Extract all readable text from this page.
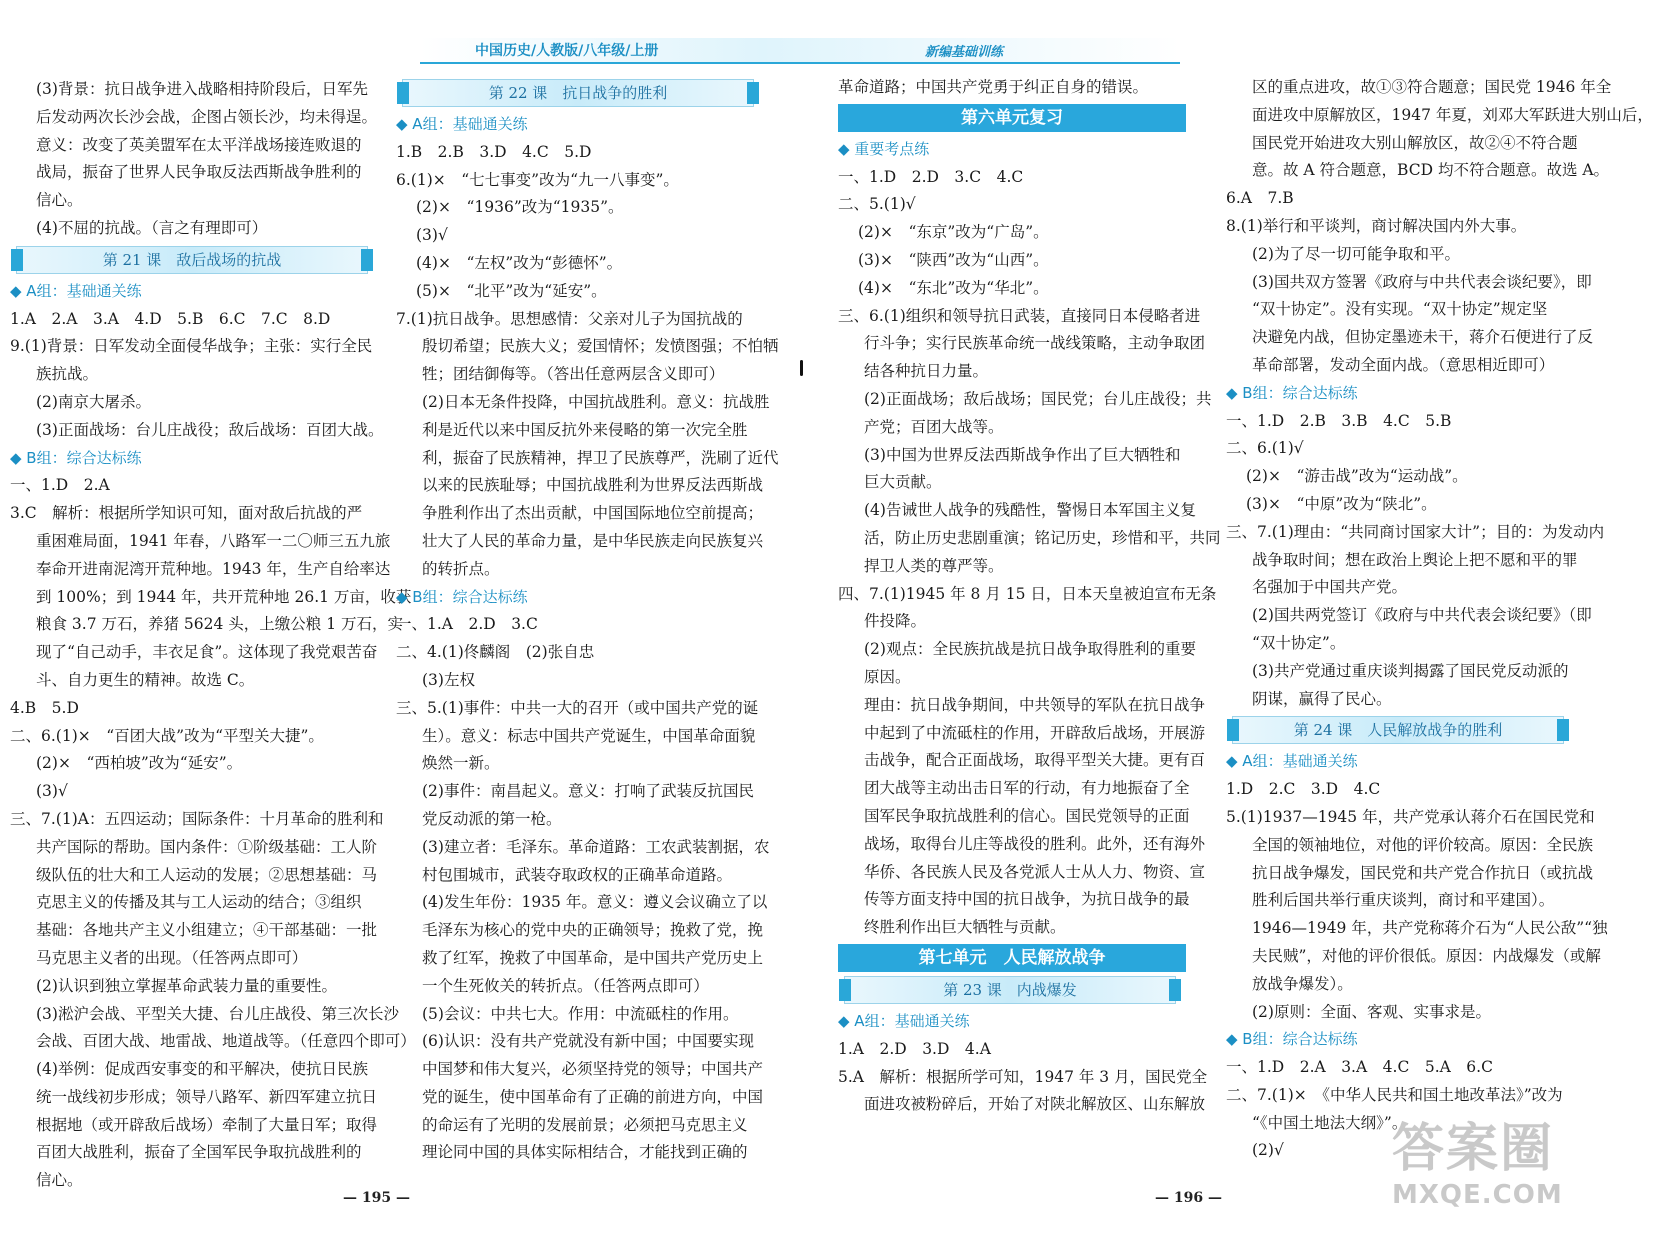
中国历史/人教版/八年级/上册	新编基础训练
(3)背景：抗日战争进入战略相持阶段后，日军先
后发动两次长沙会战，企图占领长沙，均未得逞。
意义：改变了英美盟军在太平洋战场接连败退的
战局，振奋了世界人民争取反法西斯战争胜利的
信心。
(4)不屈的抗战。（言之有理即可）
第 21 课　敌后战场的抗战
◆ A组：基础通关练
1.A　2.A　3.A　4.D　5.B　6.C　7.C　8.D
9.(1)背景：日军发动全面侵华战争；主张：实行全民
族抗战。
(2)南京大屠杀。
(3)正面战场：台儿庄战役；敌后战场：百团大战。
◆ B组：综合达标练
一、1.D　2.A
3.C　解析：根据所学知识可知，面对敌后抗战的严
重困难局面，1941 年春，八路军一二〇师三五九旅
奉命开进南泥湾开荒种地。1943 年，生产自给率达
到 100%；到 1944 年，共开荒种地 26.1 万亩，收获
粮食 3.7 万石，养猪 5624 头，上缴公粮 1 万石，实
现了“自己动手，丰衣足食”。这体现了我党艰苦奋
斗、自力更生的精神。故选 C。
4.B　5.D
二、6.(1)×　“百团大战”改为“平型关大捷”。
(2)×　“西柏坡”改为“延安”。
(3)√
三、7.(1)A：五四运动；国际条件：十月革命的胜利和
共产国际的帮助。国内条件：①阶级基础：工人阶
级队伍的壮大和工人运动的发展；②思想基础：马
克思主义的传播及其与工人运动的结合；③组织
基础：各地共产主义小组建立；④干部基础：一批
马克思主义者的出现。（任答两点即可）
(2)认识到独立掌握革命武装力量的重要性。
(3)淞沪会战、平型关大捷、台儿庄战役、第三次长沙
会战、百团大战、地雷战、地道战等。（任意四个即可）
(4)举例：促成西安事变的和平解决，使抗日民族
统一战线初步形成；领导八路军、新四军建立抗日
根据地（或开辟敌后战场）牵制了大量日军；取得
百团大战胜利，振奋了全国军民争取抗战胜利的
信心。
第 22 课　抗日战争的胜利
◆ A组：基础通关练
1.B　2.B　3.D　4.C　5.D
6.(1)×　“七七事变”改为“九一八事变”。
(2)×　“1936”改为“1935”。
(3)√
(4)×　“左权”改为“彭德怀”。
(5)×　“北平”改为“延安”。
7.(1)抗日战争。思想感情：父亲对儿子为国抗战的
殷切希望；民族大义；爱国情怀；发愤图强；不怕牺
牲；团结御侮等。（答出任意两层含义即可）
(2)日本无条件投降，中国抗战胜利。意义：抗战胜
利是近代以来中国反抗外来侵略的第一次完全胜
利，振奋了民族精神，捍卫了民族尊严，洗刷了近代
以来的民族耻辱；中国抗战胜利为世界反法西斯战
争胜利作出了杰出贡献，中国国际地位空前提高；
壮大了人民的革命力量，是中华民族走向民族复兴
的转折点。
◆ B组：综合达标练
一、1.A　2.D　3.C
二、4.(1)佟麟阁　(2)张自忠
(3)左权
三、5.(1)事件：中共一大的召开（或中国共产党的诞
生）。意义：标志中国共产党诞生，中国革命面貌
焕然一新。
(2)事件：南昌起义。意义：打响了武装反抗国民
党反动派的第一枪。
(3)建立者：毛泽东。革命道路：工农武装割据，农
村包围城市，武装夺取政权的正确革命道路。
(4)发生年份：1935 年。意义：遵义会议确立了以
毛泽东为核心的党中央的正确领导；挽救了党，挽
救了红军，挽救了中国革命，是中国共产党历史上
一个生死攸关的转折点。（任答两点即可）
(5)会议：中共七大。作用：中流砥柱的作用。
(6)认识：没有共产党就没有新中国；中国要实现
中国梦和伟大复兴，必须坚持党的领导；中国共产
党的诞生，使中国革命有了正确的前进方向，中国
的命运有了光明的发展前景；必须把马克思主义
理论同中国的具体实际相结合，才能找到正确的
革命道路；中国共产党勇于纠正自身的错误。
第六单元复习
◆ 重要考点练
一、1.D　2.D　3.C　4.C
二、5.(1)√
(2)×　“东京”改为“广岛”。
(3)×　“陕西”改为“山西”。
(4)×　“东北”改为“华北”。
三、6.(1)组织和领导抗日武装，直接同日本侵略者进
行斗争；实行民族革命统一战线策略，主动争取团
结各种抗日力量。
(2)正面战场；敌后战场；国民党；台儿庄战役；共
产党；百团大战等。
(3)中国为世界反法西斯战争作出了巨大牺牲和
巨大贡献。
(4)告诫世人战争的残酷性，警惕日本军国主义复
活，防止历史悲剧重演；铭记历史，珍惜和平，共同
捍卫人类的尊严等。
四、7.(1)1945 年 8 月 15 日，日本天皇被迫宣布无条
件投降。
(2)观点：全民族抗战是抗日战争取得胜利的重要
原因。
理由：抗日战争期间，中共领导的军队在抗日战争
中起到了中流砥柱的作用，开辟敌后战场，开展游
击战争，配合正面战场，取得平型关大捷。更有百
团大战等主动出击日军的行动，有力地振奋了全
国军民争取抗战胜利的信心。国民党领导的正面
战场，取得台儿庄等战役的胜利。此外，还有海外
华侨、各民族人民及各党派人士从人力、物资、宣
传等方面支持中国的抗日战争，为抗日战争的最
终胜利作出巨大牺牲与贡献。
第七单元　人民解放战争
第 23 课　内战爆发
◆ A组：基础通关练
1.A　2.D　3.D　4.A
5.A　解析：根据所学可知，1947 年 3 月，国民党全
面进攻被粉碎后，开始了对陕北解放区、山东解放
区的重点进攻，故①③符合题意；国民党 1946 年全
面进攻中原解放区，1947 年夏，刘邓大军跃进大别山后，
国民党开始进攻大别山解放区，故②④不符合题
意。故 A 符合题意，BCD 均不符合题意。故选 A。
6.A　7.B
8.(1)举行和平谈判，商讨解决国内外大事。
(2)为了尽一切可能争取和平。
(3)国共双方签署《政府与中共代表会谈纪要》，即
“双十协定”。没有实现。“双十协定”规定坚
决避免内战，但协定墨迹未干，蒋介石便进行了反
革命部署，发动全面内战。（意思相近即可）
◆ B组：综合达标练
一、1.D　2.B　3.B　4.C　5.B
二、6.(1)√
(2)×　“游击战”改为“运动战”。
(3)×　“中原”改为“陕北”。
三、7.(1)理由：“共同商讨国家大计”；目的：为发动内
战争取时间；想在政治上舆论上把不愿和平的罪
名强加于中国共产党。
(2)国共两党签订《政府与中共代表会谈纪要》（即
“双十协定”。
(3)共产党通过重庆谈判揭露了国民党反动派的
阴谋，赢得了民心。
第 24 课　人民解放战争的胜利
◆ A组：基础通关练
1.D　2.C　3.D　4.C
5.(1)1937—1945 年，共产党承认蒋介石在国民党和
全国的领袖地位，对他的评价较高。原因：全民族
抗日战争爆发，国民党和共产党合作抗日（或抗战
胜利后国共举行重庆谈判，商讨和平建国）。
1946—1949 年，共产党称蒋介石为“人民公敌”“独
夫民贼”，对他的评价很低。原因：内战爆发（或解
放战争爆发）。
(2)原则：全面、客观、实事求是。
◆ B组：综合达标练
一、1.D　2.A　3.A　4.C　5.A　6.C
二、7.(1)×　《中华人民共和国土地改革法》”改为
“《中国土地法大纲》”。
(2)√
— 195 —	— 196 —
答案圈
MXQE.COM
